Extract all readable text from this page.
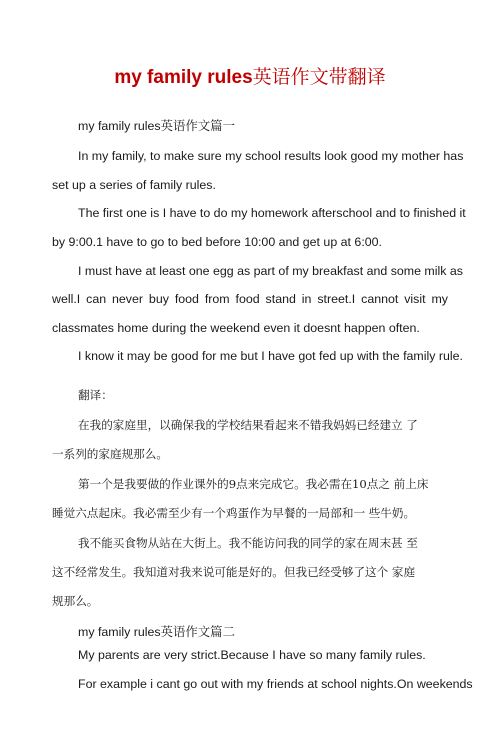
my family rules英语作文带翻译
my family rules英语作文篇一
In my family, to make sure my school results look good my mother has
set up a series of family rules.
The first one is I have to do my homework afterschool and to finished it
by 9:00.1 have to go to bed before 10:00 and get up at 6:00.
I must have at least one egg as part of my breakfast and some milk as
well.I can never buy food from food stand in street.I cannot visit my
classmates home during the weekend even it doesnt happen often.
I know it may be good for me but I have got fed up with the family rule.
翻译：
在我的家庭里，以确保我的学校结果看起来不错我妈妈已经建立 了
一系列的家庭规那么。
第一个是我要做的作业课外的9点来完成它。我必需在10点之 前上床
睡觉六点起床。我必需至少有一个鸡蛋作为早餐的一局部和一 些牛奶。
我不能买食物从站在大街上。我不能访问我的同学的家在周末甚 至
这不经常发生。我知道对我来说可能是好的。但我已经受够了这个 家庭
规那么。
my family rules英语作文篇二
My parents are very strict.Because I have so many family rules.
For example i cant go out with my friends at school nights.On weekends
